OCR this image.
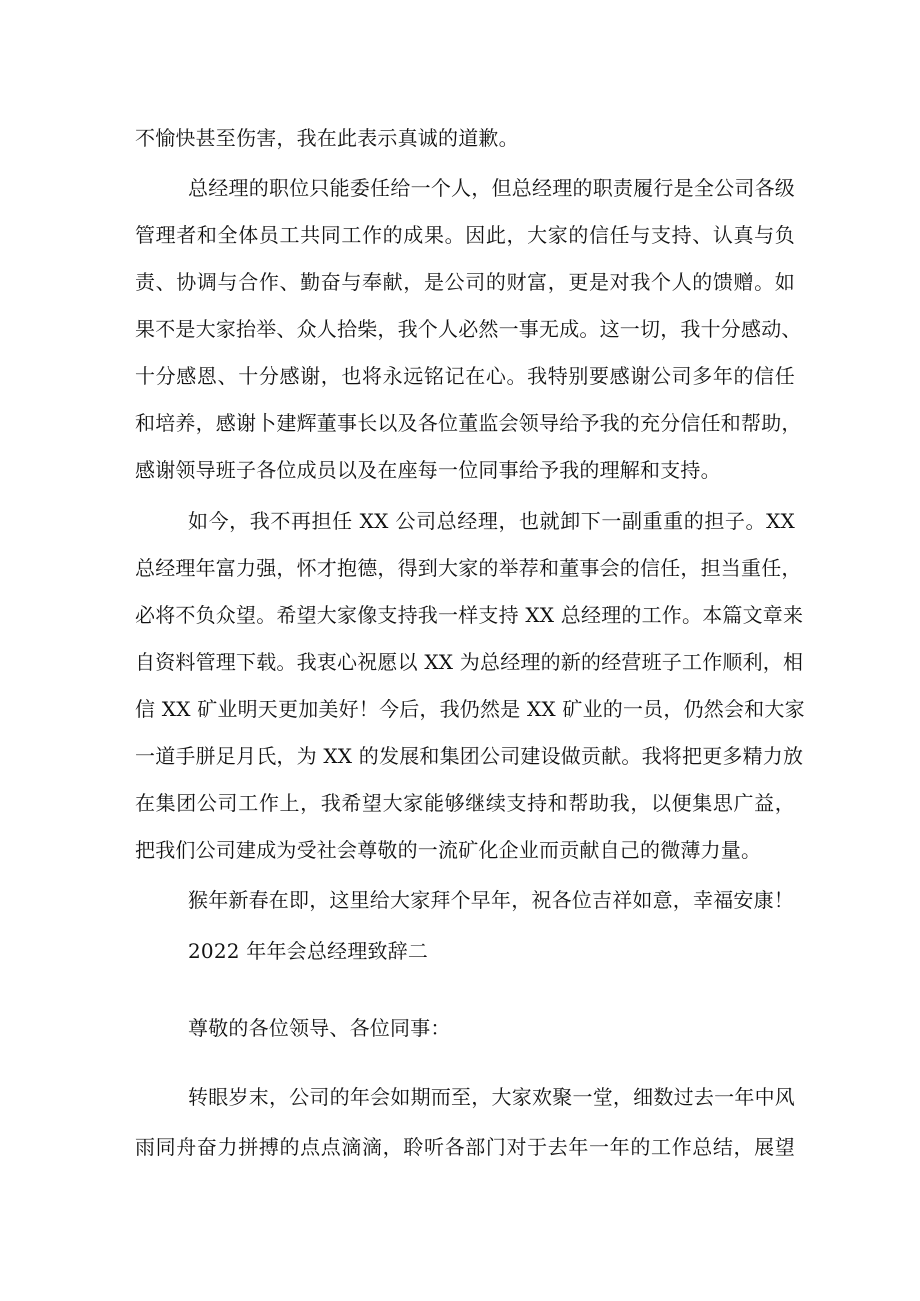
不愉快甚至伤害，我在此表示真诚的道歉。

总经理的职位只能委任给一个人，但总经理的职责履行是全公司各级

管理者和全体员工共同工作的成果。因此，大家的信任与支持、认真与负

责、协调与合作、勤奋与奉献，是公司的财富，更是对我个人的馈赠。如

果不是大家抬举、众人拾柴，我个人必然一事无成。这一切，我十分感动、

十分感恩、十分感谢，也将永远铭记在心。我特别要感谢公司多年的信任

和培养，感谢卜建辉董事长以及各位董监会领导给予我的充分信任和帮助，

感谢领导班子各位成员以及在座每一位同事给予我的理解和支持。

如今，我不再担任 XX 公司总经理，也就卸下一副重重的担子。XX

总经理年富力强，怀才抱德，得到大家的举荐和董事会的信任，担当重任，

必将不负众望。希望大家像支持我一样支持 XX 总经理的工作。本篇文章来

自资料管理下载。我衷心祝愿以 XX 为总经理的新的经营班子工作顺利，相

信 XX 矿业明天更加美好！今后，我仍然是 XX 矿业的一员，仍然会和大家

一道手胼足月氏，为 XX 的发展和集团公司建设做贡献。我将把更多精力放

在集团公司工作上，我希望大家能够继续支持和帮助我，以便集思广益，

把我们公司建成为受社会尊敬的一流矿化企业而贡献自己的微薄力量。

猴年新春在即，这里给大家拜个早年，祝各位吉祥如意，幸福安康！

2022 年年会总经理致辞二

尊敬的各位领导、各位同事：

转眼岁末，公司的年会如期而至，大家欢聚一堂，细数过去一年中风

雨同舟奋力拼搏的点点滴滴，聆听各部门对于去年一年的工作总结，展望
